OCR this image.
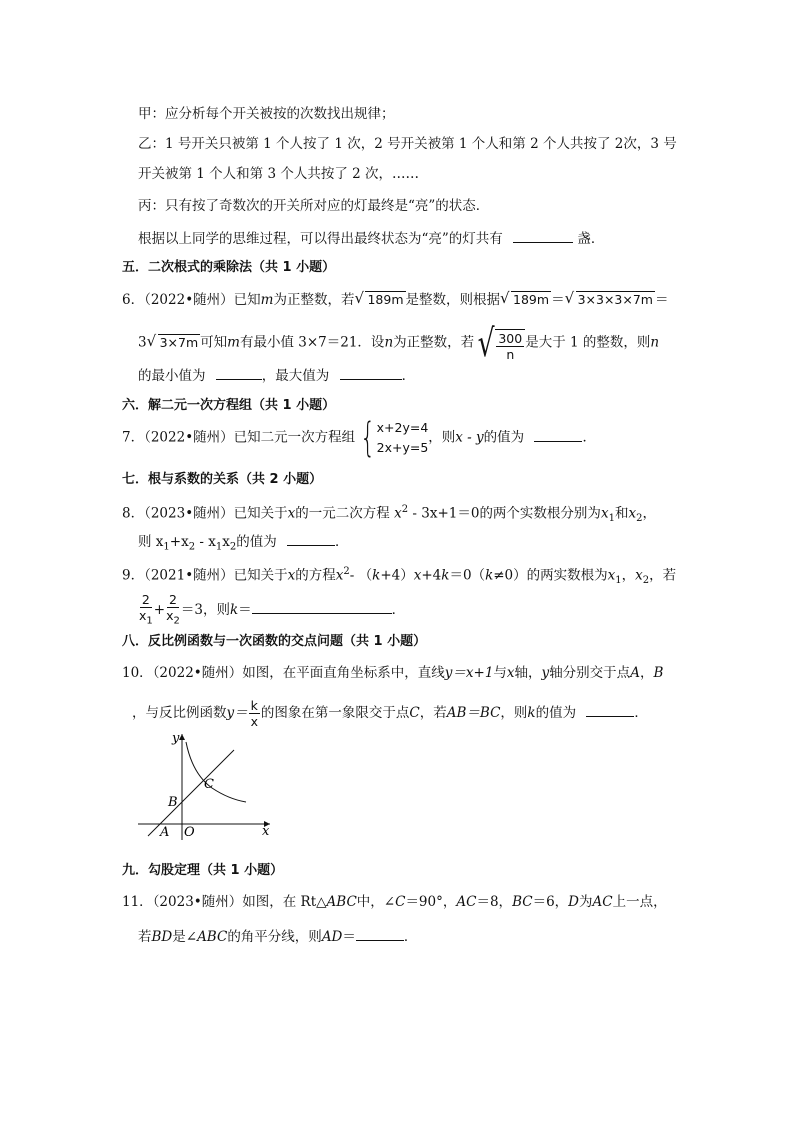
甲：应分析每个开关被按的次数找出规律；
乙：1 号开关只被第 1 个人按了 1 次，2 号开关被第 1 个人和第 2 个人共按了 2次，3 号
开关被第 1 个人和第 3 个人共按了 2 次，……
丙：只有按了奇数次的开关所对应的灯最终是“亮”的状态．
根据以上同学的思维过程，可以得出最终状态为“亮”的灯共有	盏．
五．二次根式的乘除法（共 1 小题）
6．（2022•随州）已知m为正整数，若 √ 189m 是整数，则根据 √ 189m ＝ √ 3×3×3×7m ＝
3 √ 3×7m 可知m有最小值 3×7＝21．设n为正整数，若 √ $\frac{300}{n}$ 是大于 1 的整数，则n
的最小值为	，最大值为	．
六．解二元一次方程组（共 1 小题）
7．（2022•随州）已知二元一次方程组 { x+2y=4
2x+y=5
，则x - y的值为	．
七．根与系数的关系（共 2 小题）
8．（2023•随州）已知关于x的一元二次方程 $x^2 - 3x+1=0$的两个实数根分别为$x_1$和$x_2$，
则 $x_1+x_2 - x_1x_2$的值为	．
9．（2021•随州）已知关于x的方程$x^2-$ （k+4）x+4k＝0（k≠0）的两实数根为$x_1$，$x_2$，若
$\frac{2}{x_1} + \frac{2}{x_2} =3$，则k＝	．
八．反比例函数与一次函数的交点问题（共 1 小题）
10．（2022•随州）如图，在平面直角坐标系中，直线y＝x+1与x轴，y轴分别交于点A，B
，与反比例函数$y= \frac{k}{x}$ 的图象在第一象限交于点C，若AB＝BC，则k的值为	．
y
x
C
B
A O
九．勾股定理（共 1 小题）
11．（2023•随州）如图，在 Rt△ABC中，∠C＝90°，AC＝8，BC＝6，D为AC上一点，
若BD是∠ABC的角平分线，则AD＝	．
